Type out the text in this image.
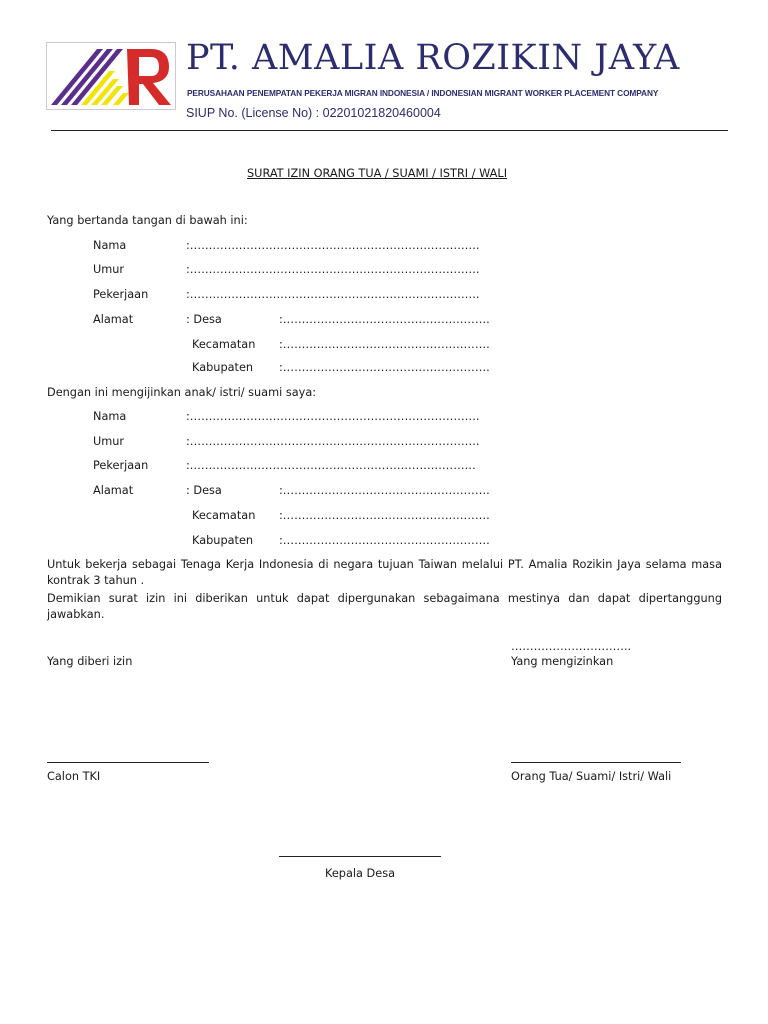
PT. AMALIA ROZIKIN JAYA
PERUSAHAAN PENEMPATAN PEKERJA MIGRAN INDONESIA / INDONESIAN MIGRANT WORKER PLACEMENT COMPANY
SIUP No. (License No) : 02201021820460004
SURAT IZIN ORANG TUA / SUAMI / ISTRI / WALI
Yang bertanda tangan di bawah ini:
Nama	:…………………………………………………………………..
Umur	:…………………………………………………………………..
Pekerjaan	:…………………………………………………………………..
Alamat	: Desa	:……………………………………………….
Kecamatan :……………………………………………….
Kabupaten :……………………………………………….
Dengan ini mengijinkan anak/ istri/ suami saya:
Nama	:…………………………………………………………………..
Umur	:…………………………………………………………………..
Pekerjaan	:.…………………………………………………………………
Alamat	: Desa	:……………………………………………….
Kecamatan :……………………………………………….
Kabupaten :……………………………………………….
Untuk bekerja sebagai Tenaga Kerja Indonesia di negara tujuan Taiwan melalui PT. Amalia Rozikin Jaya selama masa kontrak 3 tahun .
Demikian surat izin ini diberikan untuk dapat dipergunakan sebagaimana mestinya dan dapat dipertanggung jawabkan.
…………………………..
Yang diberi izin	Yang mengizinkan
Calon TKI	Orang Tua/ Suami/ Istri/ Wali
Kepala Desa
